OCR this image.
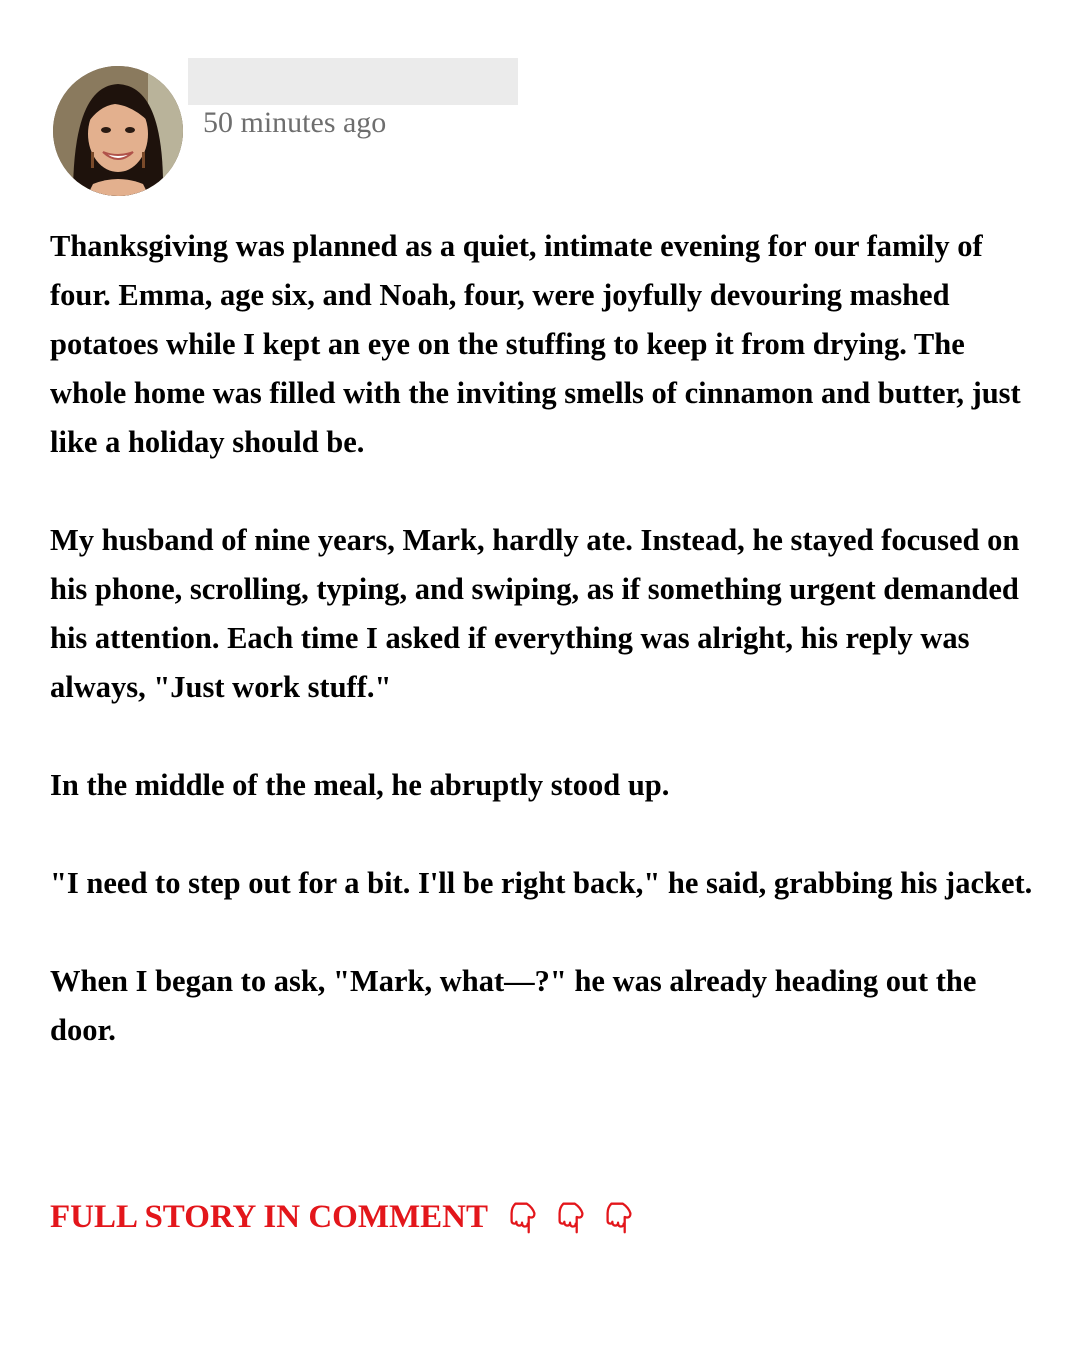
50 minutes ago

Thanksgiving was planned as a quiet, intimate evening for our family of four. Emma, age six, and Noah, four, were joyfully devouring mashed potatoes while I kept an eye on the stuffing to keep it from drying. The whole home was filled with the inviting smells of cinnamon and butter, just like a holiday should be.

My husband of nine years, Mark, hardly ate. Instead, he stayed focused on his phone, scrolling, typing, and swiping, as if something urgent demanded his attention. Each time I asked if everything was alright, his reply was always, "Just work stuff."

In the middle of the meal, he abruptly stood up.

"I need to step out for a bit. I'll be right back," he said, grabbing his jacket.

When I began to ask, "Mark, what—?" he was already heading out the door.

FULL STORY IN COMMENT
